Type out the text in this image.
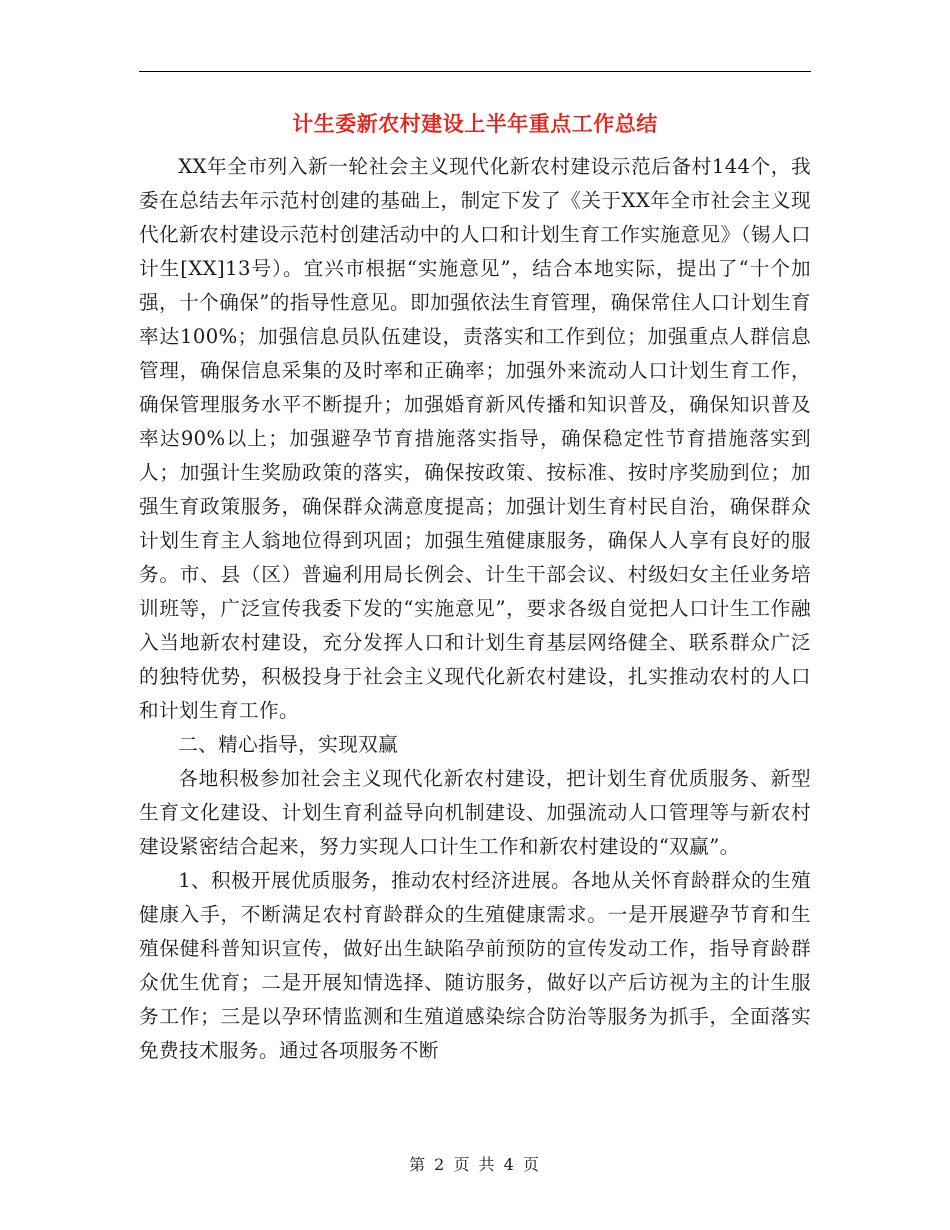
计生委新农村建设上半年重点工作总结

XX年全市列入新一轮社会主义现代化新农村建设示范后备村144个，我委在总结去年示范村创建的基础上，制定下发了《关于XX年全市社会主义现代化新农村建设示范村创建活动中的人口和计划生育工作实施意见》（锡人口计生[XX]13号）。宜兴市根据“实施意见”，结合本地实际，提出了“十个加强，十个确保”的指导性意见。即加强依法生育管理，确保常住人口计划生育率达100%；加强信息员队伍建设，责落实和工作到位；加强重点人群信息管理，确保信息采集的及时率和正确率；加强外来流动人口计划生育工作，确保管理服务水平不断提升；加强婚育新风传播和知识普及，确保知识普及率达90%以上；加强避孕节育措施落实指导，确保稳定性节育措施落实到人；加强计生奖励政策的落实，确保按政策、按标准、按时序奖励到位；加强生育政策服务，确保群众满意度提高；加强计划生育村民自治，确保群众计划生育主人翁地位得到巩固；加强生殖健康服务，确保人人享有良好的服务。市、县（区）普遍利用局长例会、计生干部会议、村级妇女主任业务培训班等，广泛宣传我委下发的“实施意见”，要求各级自觉把人口计生工作融入当地新农村建设，充分发挥人口和计划生育基层网络健全、联系群众广泛的独特优势，积极投身于社会主义现代化新农村建设，扎实推动农村的人口和计划生育工作。

二、精心指导，实现双赢

各地积极参加社会主义现代化新农村建设，把计划生育优质服务、新型生育文化建设、计划生育利益导向机制建设、加强流动人口管理等与新农村建设紧密结合起来，努力实现人口计生工作和新农村建设的“双赢”。

1、积极开展优质服务，推动农村经济进展。各地从关怀育龄群众的生殖健康入手，不断满足农村育龄群众的生殖健康需求。一是开展避孕节育和生殖保健科普知识宣传，做好出生缺陷孕前预防的宣传发动工作，指导育龄群众优生优育；二是开展知情选择、随访服务，做好以产后访视为主的计生服务工作；三是以孕环情监测和生殖道感染综合防治等服务为抓手，全面落实免费技术服务。通过各项服务不断

第 2 页 共 4 页
